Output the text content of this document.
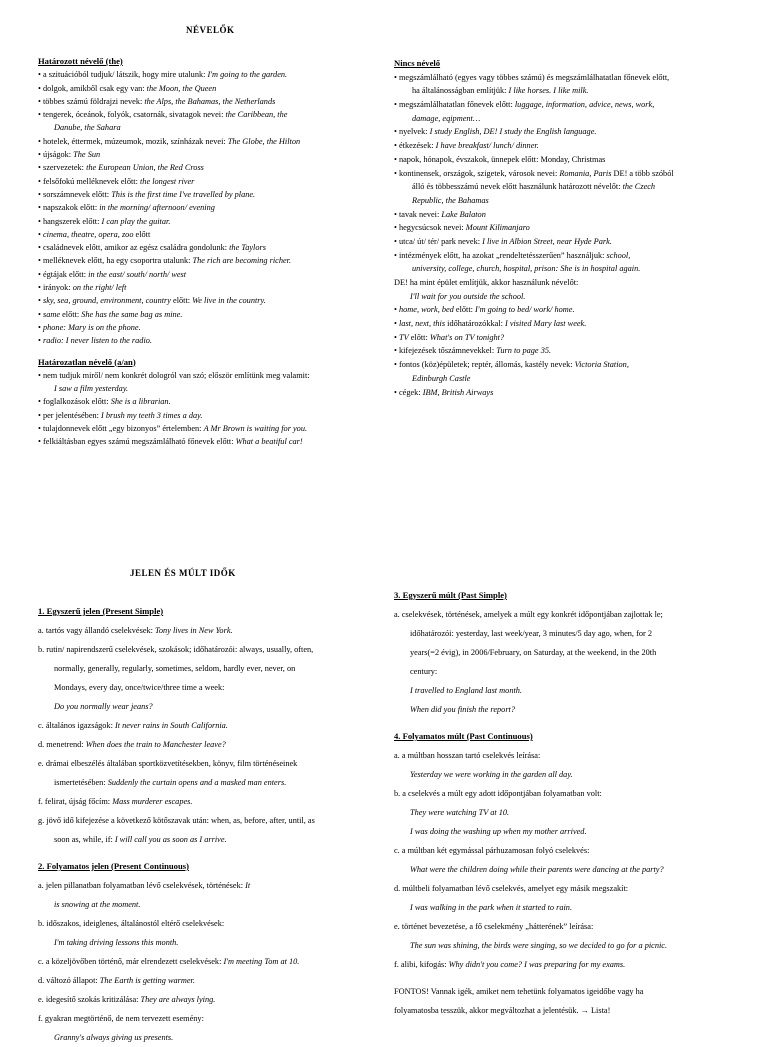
NÉVELŐK
Határozott névelő (the)
• a szituációból tudjuk/ látszik, hogy mire utalunk: I'm going to the garden.
• dolgok, amikből csak egy van: the Moon, the Queen
• többes számú földrajzi nevek: the Alps, the Bahamas, the Netherlands
• tengerek, óceánok, folyók, csatornák, sivatagok nevei: the Caribbean, the
Danube, the Sahara
• hotelek, éttermek, múzeumok, mozik, színházak nevei: The Globe, the Hilton
• újságok: The Sun
• szervezetek: the European Union, the Red Cross
• felsőfokú melléknevek előtt: the longest river
• sorszámnevek előtt: This is the first time I've travelled by plane.
• napszakok előtt: in the morning/ afternoon/ evening
• hangszerek előtt: I can play the guitar.
• cinema, theatre, opera, zoo előtt
• családnevek előtt, amikor az egész családra gondolunk: the Taylors
• melléknevek előtt, ha egy csoportra utalunk: The rich are becoming richer.
• égtájak előtt: in the east/ south/ north/ west
• irányok: on the right/ left
• sky, sea, ground, environment, country előtt: We live in the country.
• same előtt: She has the same bag as mine.
• phone: Mary is on the phone.
• radio: I never listen to the radio.
Határozatlan névelő (a/an)
• nem tudjuk miről/ nem konkrét dologról van szó; először említünk meg valamit:
I saw a film yesterday.
• foglalkozások előtt: She is a librarian.
• per jelentésében: I brush my teeth 3 times a day.
• tulajdonnevek előtt „egy bizonyos” értelemben: A Mr Brown is waiting for you.
• felkiáltásban egyes számú megszámlálható főnevek előtt: What a beatiful car!
Nincs névelő
• megszámlálható (egyes vagy többes számú) és megszámlálhatatlan főnevek előtt,
ha általánosságban említjük: I like horses. I like milk.
• megszámlálhatatlan főnevek előtt: luggage, information, advice, news, work,
damage, eqipment…
• nyelvek: I study English, DE! I study the English language.
• étkezések: I have breakfast/ lunch/ dinner.
• napok, hónapok, évszakok, ünnepek előtt: Monday, Christmas
• kontinensek, országok, szigetek, városok nevei: Romania, Paris DE! a több szóból
álló és többesszámú nevek előtt használunk határozott névelőt: the Czech
Republic, the Bahamas
• tavak nevei: Lake Balaton
• hegycsúcsok nevei: Mount Kilimanjaro
• utca/ út/ tér/ park nevek: I live in Albion Street, near Hyde Park.
• intézmények előtt, ha azokat „rendeltetésszerűen” használjuk: school,
university, college, church, hospital, prison: She is in hospital again.
DE! ha mint épület említjük, akkor használunk névelőt:
I'll wait for you outside the school.
• home, work, bed előtt: I'm going to bed/ work/ home.
• last, next, this időhatározókkal: I visited Mary last week.
• TV előtt: What's on TV tonight?
• kifejezések tőszámnevekkel: Turn to page 35.
• fontos (köz)épületek; reptér, állomás, kastély nevek: Victoria Station,
Edinburgh Castle
• cégek: IBM, British Airways
JELEN ÉS MÚLT IDŐK
1. Egyszerű jelen (Present Simple)
a. tartós vagy állandó cselekvések: Tony lives in New York.
b. rutin/ napirendszerű cselekvések, szokások; időhatározói: always, usually, often,
normally, generally, regularly, sometimes, seldom, hardly ever, never, on
Mondays, every day, once/twice/three time a week:
Do you normally wear jeans?
c. általános igazságok: It never rains in South California.
d. menetrend: When does the train to Manchester leave?
e. drámai elbeszélés általában sportközvetítésekben, könyv, film történéseinek
ismertetésében: Suddenly the curtain opens and a masked man enters.
f. felirat, újság főcím: Mass murderer escapes.
g. jövő idő kifejezése a következő kötőszavak után: when, as, before, after, until, as
soon as, while, if: I will call you as soon as I arrive.
2. Folyamatos jelen (Present Continuous)
a. jelen pillanatban folyamatban lévő cselekvések, történések: It
is snowing at the moment.
b. időszakos, ideiglenes, általánostól eltérő cselekvések:
I'm taking driving lessons this month.
c. a közeljövőben történő, már elrendezett cselekvések: I'm meeting Tom at 10.
d. változó állapot: The Earth is getting warmer.
e. idegesítő szokás kritizálása: They are always lying.
f. gyakran megtörténő, de nem tervezett esemény:
Granny's always giving us presents.
3. Egyszerű múlt (Past Simple)
a. cselekvések, történések, amelyek a múlt egy konkrét időpontjában zajlottak le;
időhatározói: yesterday, last week/year, 3 minutes/5 day ago, when, for 2
years(=2 évig), in 2006/February, on Saturday, at the weekend, in the 20th
century:
I travelled to England last month.
When did you finish the report?
4. Folyamatos múlt (Past Continuous)
a. a múltban hosszan tartó cselekvés leírása:
Yesterday we were working in the garden all day.
b. a cselekvés a múlt egy adott időpontjában folyamatban volt:
They were watching TV at 10.
I was doing the washing up when my mother arrived.
c. a múltban két egymással párhuzamosan folyó cselekvés:
What were the children doing while their parents were dancing at the party?
d. múltbeli folyamatban lévő cselekvés, amelyet egy másik megszakít:
I was walking in the park when it started to rain.
e. történet bevezetése, a fő cselekmény „hátterének” leírása:
The sun was shining, the birds were singing, so we decided to go for a picnic.
f. alibi, kifogás: Why didn't you come? I was preparing for my exams.
FONTOS! Vannak igék, amiket nem tehetünk folyamatos igeidőbe vagy ha
folyamatosba tesszük, akkor megváltozhat a jelentésük. → Lista!
